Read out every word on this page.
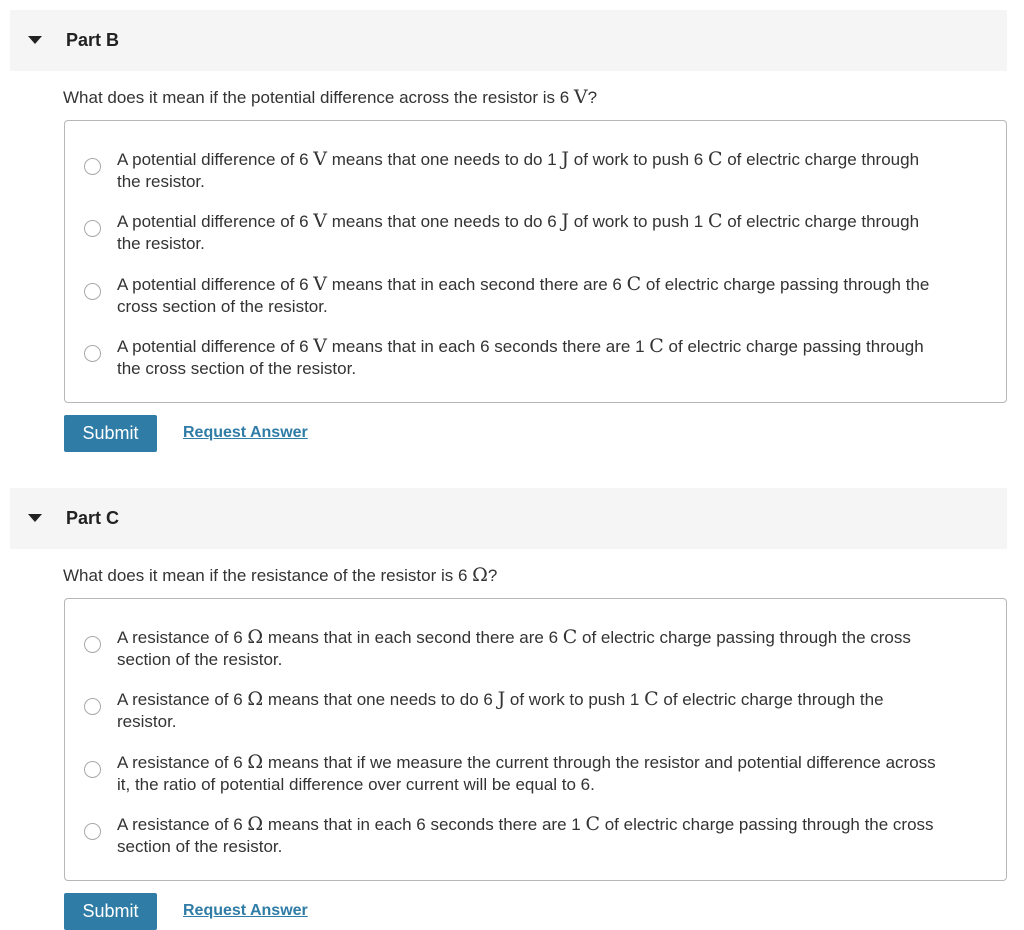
Part B
What does it mean if the potential difference across the resistor is 6 V?
A potential difference of 6 V means that one needs to do 1 J of work to push 6 C of electric charge through
the resistor.
A potential difference of 6 V means that one needs to do 6 J of work to push 1 C of electric charge through
the resistor.
A potential difference of 6 V means that in each second there are 6 C of electric charge passing through the
cross section of the resistor.
A potential difference of 6 V means that in each 6 seconds there are 1 C of electric charge passing through
the cross section of the resistor.
Submit	Request Answer
Part C
What does it mean if the resistance of the resistor is 6 Ω?
A resistance of 6 Ω means that in each second there are 6 C of electric charge passing through the cross
section of the resistor.
A resistance of 6 Ω means that one needs to do 6 J of work to push 1 C of electric charge through the
resistor.
A resistance of 6 Ω means that if we measure the current through the resistor and potential difference across
it, the ratio of potential difference over current will be equal to 6.
A resistance of 6 Ω means that in each 6 seconds there are 1 C of electric charge passing through the cross
section of the resistor.
Submit	Request Answer
